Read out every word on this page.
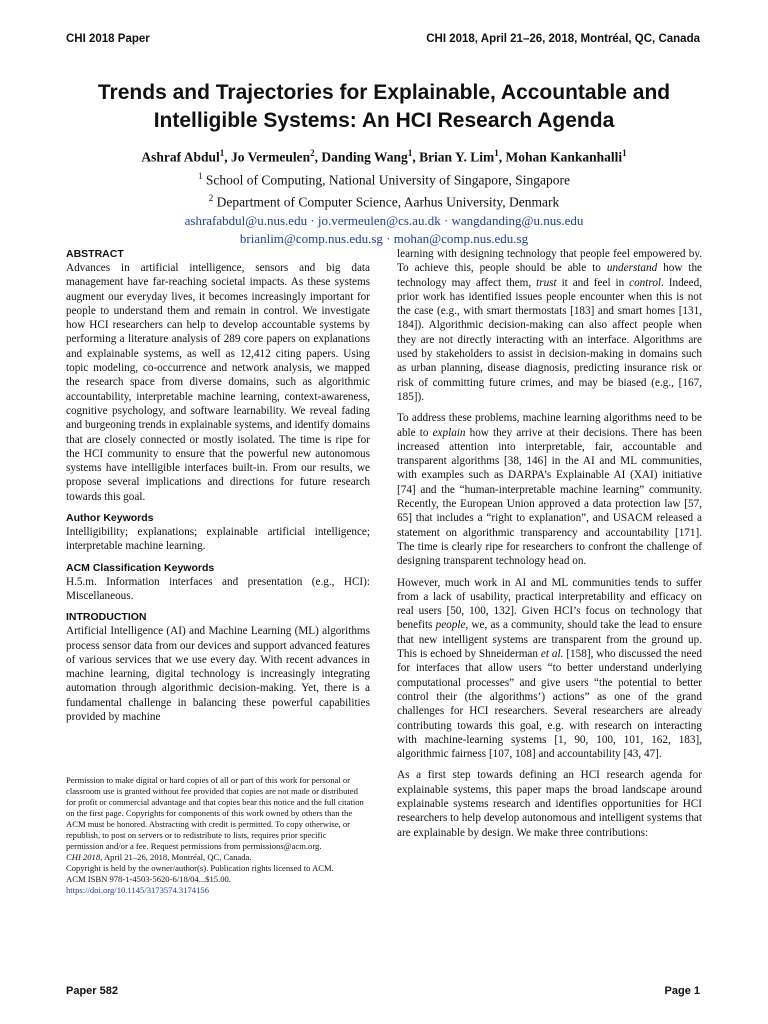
CHI 2018 Paper	CHI 2018, April 21–26, 2018, Montréal, QC, Canada
Trends and Trajectories for Explainable, Accountable and
Intelligible Systems: An HCI Research Agenda
Ashraf Abdul$^1$, Jo Vermeulen$^2$, Danding Wang$^1$, Brian Y. Lim$^1$, Mohan Kankanhalli$^1$
$^1$ School of Computing, National University of Singapore, Singapore
$^2$ Department of Computer Science, Aarhus University, Denmark
ashrafabdul@u.nus.edu · jo.vermeulen@cs.au.dk · wangdanding@u.nus.edu
brianlim@comp.nus.edu.sg · mohan@comp.nus.edu.sg

ABSTRACT

Advances in artificial intelligence, sensors and big data management have far-reaching societal impacts. As these systems augment our everyday lives, it becomes increasingly important for people to understand them and remain in control. We investigate how HCI researchers can help to develop accountable systems by performing a literature analysis of 289 core papers on explanations and explainable systems, as well as 12,412 citing papers. Using topic modeling, co-occurrence and network analysis, we mapped the research space from diverse domains, such as algorithmic accountability, interpretable machine learning, context-awareness, cognitive psychology, and software learnability. We reveal fading and burgeoning trends in explainable systems, and identify domains that are closely connected or mostly isolated. The time is ripe for the HCI community to ensure that the powerful new autonomous systems have intelligible interfaces built-in. From our results, we propose several implications and directions for future research towards this goal.

Author Keywords

Intelligibility; explanations; explainable artificial intelligence; interpretable machine learning.

ACM Classification Keywords

H.5.m. Information interfaces and presentation (e.g., HCI): Miscellaneous.

INTRODUCTION

Artificial Intelligence (AI) and Machine Learning (ML) algorithms process sensor data from our devices and support advanced features of various services that we use every day. With recent advances in machine learning, digital technology is increasingly integrating automation through algorithmic decision-making. Yet, there is a fundamental challenge in balancing these powerful capabilities provided by machine

Permission to make digital or hard copies of all or part of this work for personal or classroom use is granted without fee provided that copies are not made or distributed for profit or commercial advantage and that copies bear this notice and the full citation on the first page. Copyrights for components of this work owned by others than the ACM must be honored. Abstracting with credit is permitted. To copy otherwise, or republish, to post on servers or to redistribute to lists, requires prior specific permission and/or a fee. Request permissions from permissions@acm.org.

CHI 2018, April 21–26, 2018, Montréal, QC, Canada.

Copyright is held by the owner/author(s). Publication rights licensed to ACM.

ACM ISBN 978-1-4503-5620-6/18/04...$15.00.

https://doi.org/10.1145/3173574.3174156

learning with designing technology that people feel empowered by. To achieve this, people should be able to understand how the technology may affect them, trust it and feel in control. Indeed, prior work has identified issues people encounter when this is not the case (e.g., with smart thermostats [183] and smart homes [131, 184]). Algorithmic decision-making can also affect people when they are not directly interacting with an interface. Algorithms are used by stakeholders to assist in decision-making in domains such as urban planning, disease diagnosis, predicting insurance risk or risk of committing future crimes, and may be biased (e.g., [167, 185]).

To address these problems, machine learning algorithms need to be able to explain how they arrive at their decisions. There has been increased attention into interpretable, fair, accountable and transparent algorithms [38, 146] in the AI and ML communities, with examples such as DARPA’s Explainable AI (XAI) initiative [74] and the “human-interpretable machine learning” community. Recently, the European Union approved a data protection law [57, 65] that includes a “right to explanation”, and USACM released a statement on algorithmic transparency and accountability [171]. The time is clearly ripe for researchers to confront the challenge of designing transparent technology head on.

However, much work in AI and ML communities tends to suffer from a lack of usability, practical interpretability and efficacy on real users [50, 100, 132]. Given HCI’s focus on technology that benefits people, we, as a community, should take the lead to ensure that new intelligent systems are transparent from the ground up. This is echoed by Shneiderman et al. [158], who discussed the need for interfaces that allow users “to better understand underlying computational processes” and give users “the potential to better control their (the algorithms’) actions” as one of the grand challenges for HCI researchers. Several researchers are already contributing towards this goal, e.g. with research on interacting with machine-learning systems [1, 90, 100, 101, 162, 183], algorithmic fairness [107, 108] and accountability [43, 47].

As a first step towards defining an HCI research agenda for explainable systems, this paper maps the broad landscape around explainable systems research and identifies opportunities for HCI researchers to help develop autonomous and intelligent systems that are explainable by design. We make three contributions:

Paper 582	Page 1
